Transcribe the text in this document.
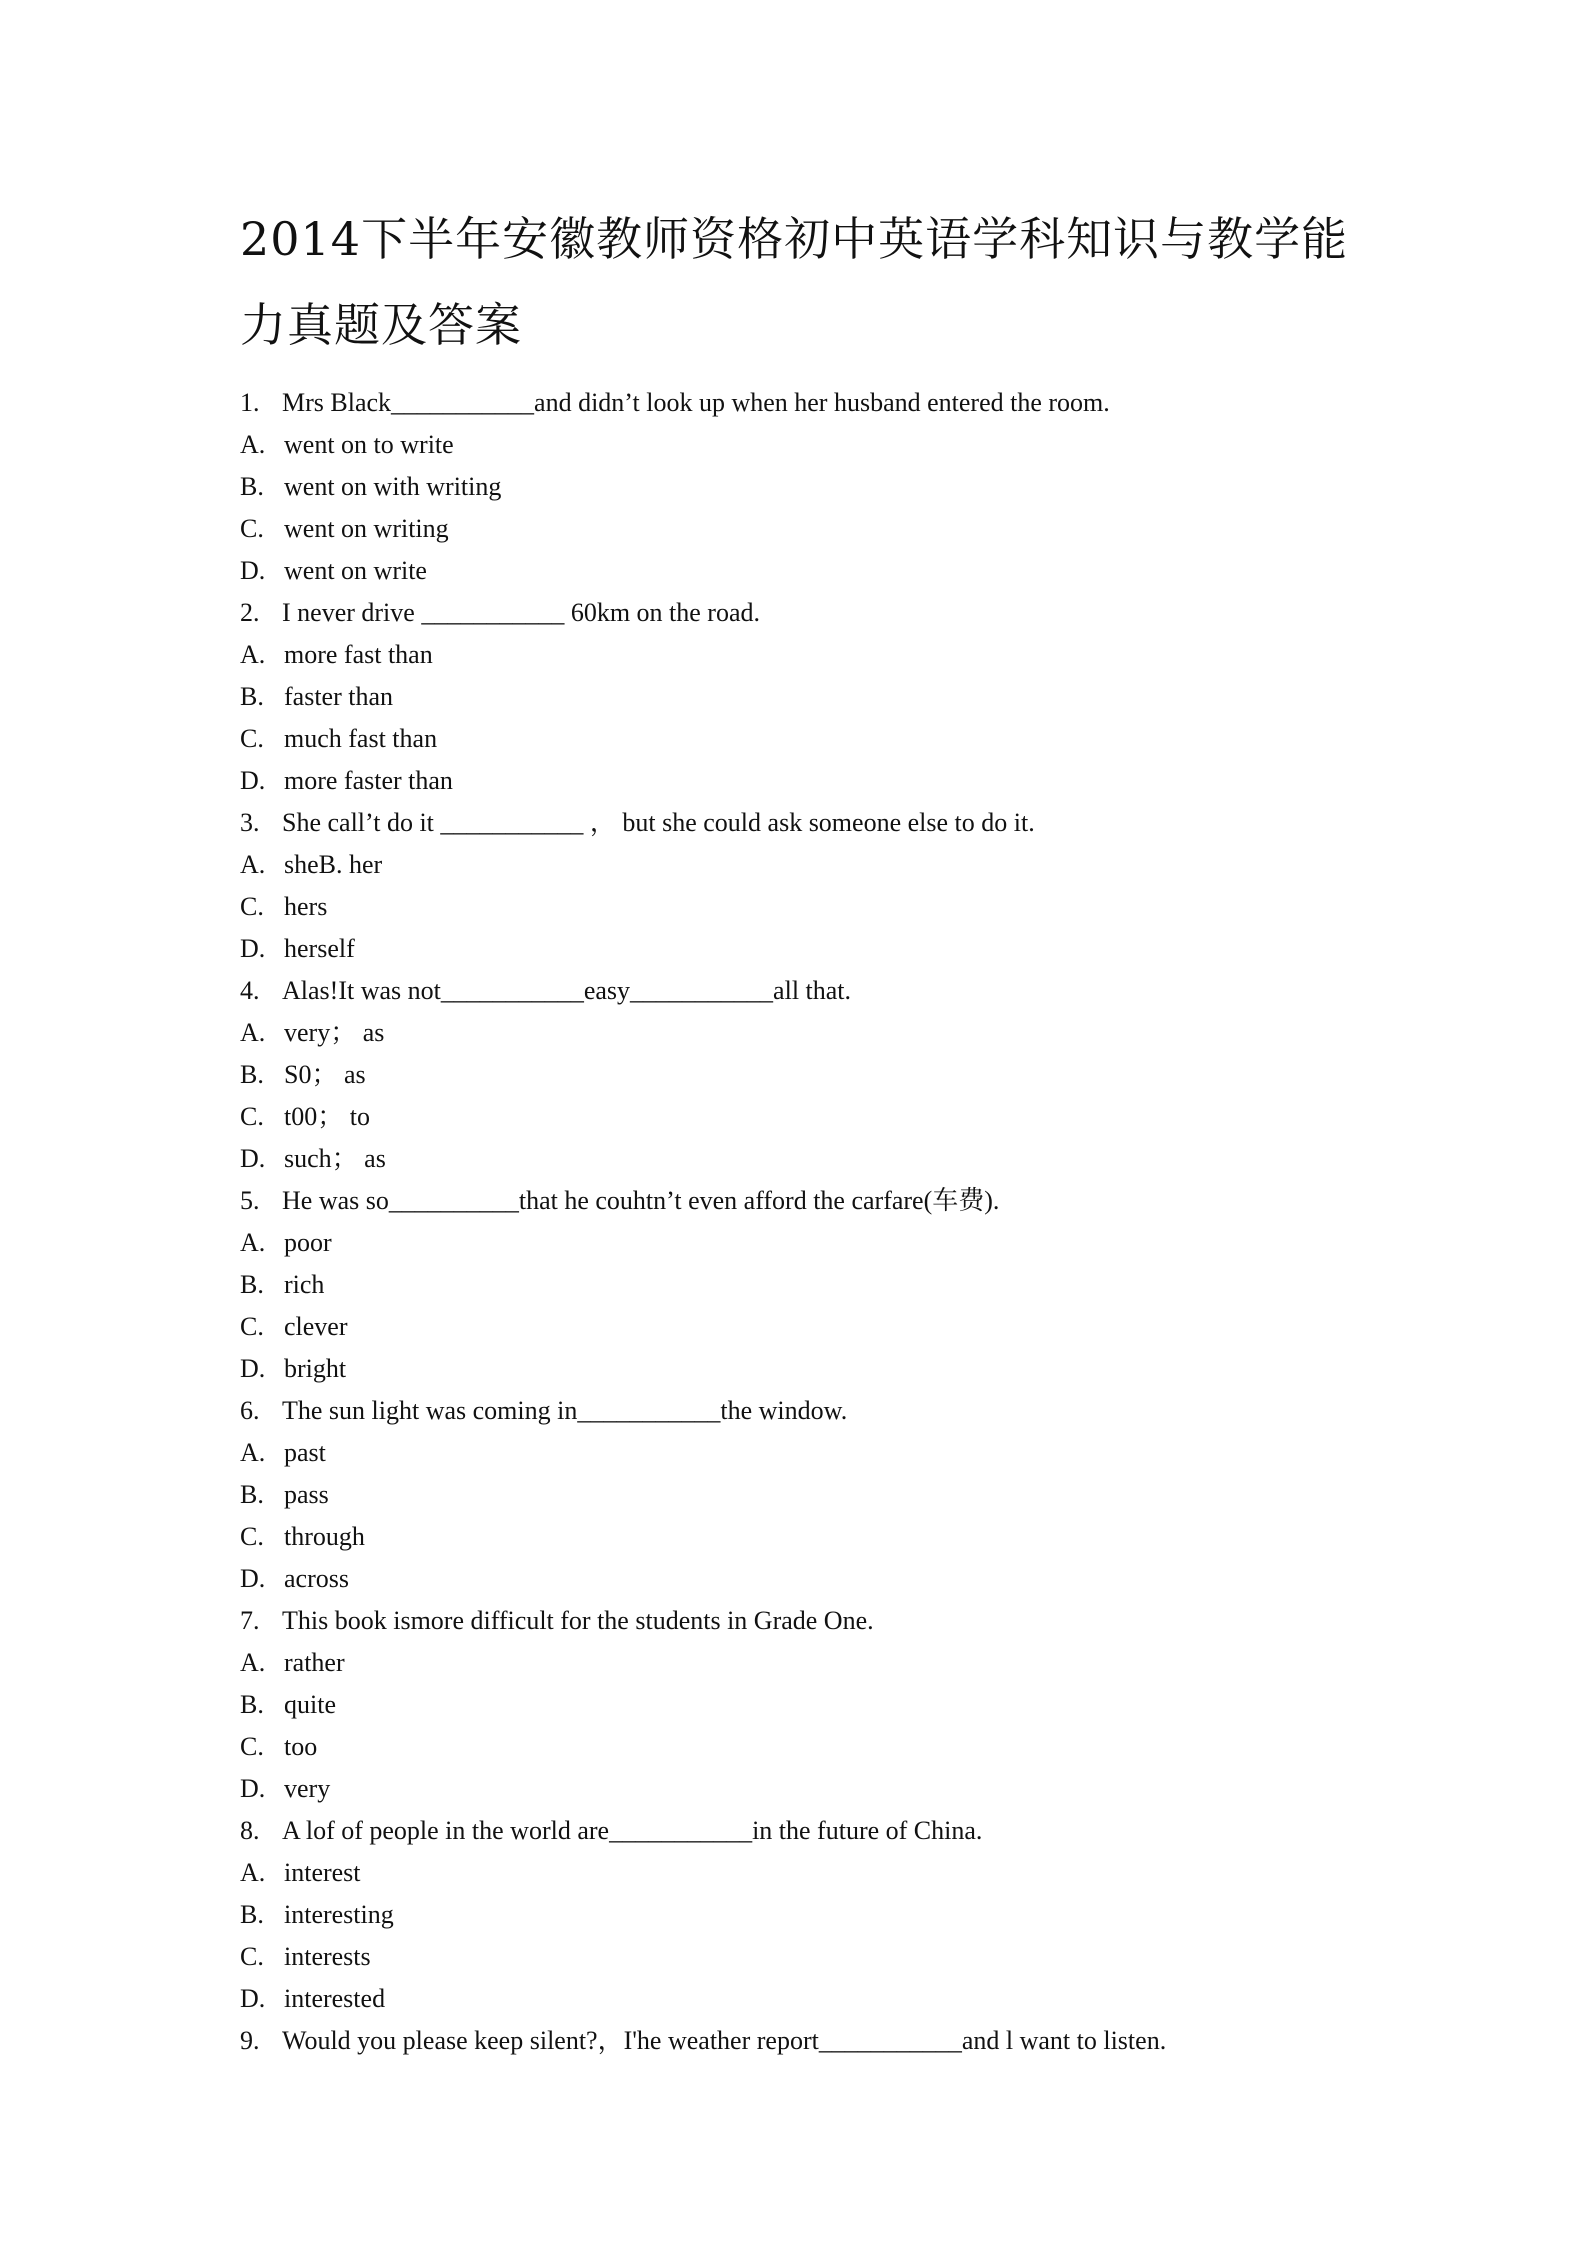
2014下半年安徽教师资格初中英语学科知识与教学能力真题及答案
1. Mrs Black___________and didn’t look up when her husband entered the room.
A. went on to write
B. went on with writing
C. went on writing
D. went on write
2. I never drive ___________ 60km on the road.
A. more fast than
B. faster than
C. much fast than
D. more faster than
3. She call’t do it ___________ ， but she could ask someone else to do it.
A. sheB. her
C. hers
D. herself
4. Alas!It was not___________easy___________all that.
A. very； as
B. S0； as
C. t00； to
D. such； as
5. He was so__________that he couhtn’t even afford the carfare(车费).
A. poor
B. rich
C. clever
D. bright
6. The sun light was coming in___________the window.
A. past
B. pass
C. through
D. across
7. This book ismore difficult for the students in Grade One.
A. rather
B. quite
C. too
D. very
8. A lof of people in the world are___________in the future of China.
A. interest
B. interesting
C. interests
D. interested
9. Would you please keep silent?，I'he weather report___________and l want to listen.
